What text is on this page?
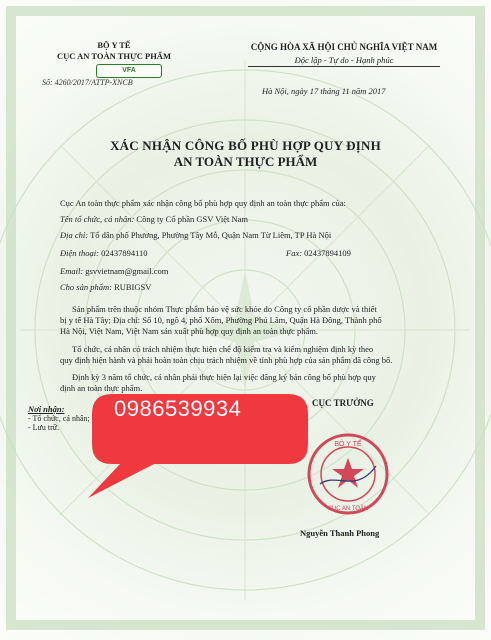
BỘ Y TẾ
CỤC AN TOÀN THỰC PHẨM
VFA
Số: 4260/2017/ATTP-XNCB
CỘNG HÒA XÃ HỘI CHỦ NGHĨA VIỆT NAM
Độc lập - Tự do - Hạnh phúc
Hà Nội, ngày 17 tháng 11 năm 2017
XÁC NHẬN CÔNG BỐ PHÙ HỢP QUY ĐỊNH
AN TOÀN THỰC PHẨM
Cục An toàn thực phẩm xác nhận công bố phù hợp quy định an toàn thực phẩm của:
Tên tổ chức, cá nhân: Công ty Cổ phần GSV Việt Nam
Địa chỉ: Tổ dân phố Phương, Phường Tây Mỗ, Quận Nam Từ Liêm, TP Hà Nội
Điện thoại: 02437894110	Fax: 02437894109
Email: gsvvietnam@gmail.com
Cho sản phẩm: RUBIGSV
Sản phẩm trên thuộc nhóm Thực phẩm bảo vệ sức khỏe do Công ty cổ phần dược và thiết
bị y tế Hà Tây; Địa chỉ: Số 10, ngõ 4, phố Xốm, Phường Phú Lãm, Quận Hà Đông, Thành phố
Hà Nội, Việt Nam, Việt Nam sản xuất phù hợp quy định an toàn thực phẩm.
Tổ chức, cá nhân có trách nhiệm thực hiện chế độ kiểm tra và kiểm nghiệm định kỳ theo
quy định hiện hành và phải hoàn toàn chịu trách nhiệm về tính phù hợp của sản phẩm đã công bố.
Định kỳ 3 năm tổ chức, cá nhân phải thực hiện lại việc đăng ký bản công bố phù hợp quy
định an toàn thực phẩm.
Nơi nhận:
- Tổ chức, cá nhân;
- Lưu trữ.
CỤC TRƯỞNG
BỘ Y TẾ
CỤC AN TOÀN
Nguyễn Thanh Phong
0986539934
